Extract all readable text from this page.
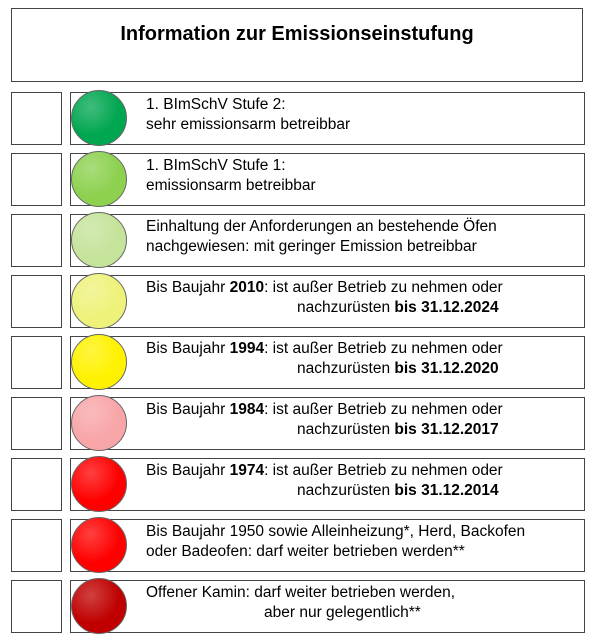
Information zur Emissionseinstufung
1. BImSchV Stufe 2:
sehr emissionsarm betreibbar
1. BImSchV Stufe 1:
emissionsarm betreibbar
Einhaltung der Anforderungen an bestehende Öfen
nachgewiesen: mit geringer Emission betreibbar
Bis Baujahr 2010: ist außer Betrieb zu nehmen oder
nachzurüsten bis 31.12.2024
Bis Baujahr 1994: ist außer Betrieb zu nehmen oder
nachzurüsten bis 31.12.2020
Bis Baujahr 1984: ist außer Betrieb zu nehmen oder
nachzurüsten bis 31.12.2017
Bis Baujahr 1974: ist außer Betrieb zu nehmen oder
nachzurüsten bis 31.12.2014
Bis Baujahr 1950 sowie Alleinheizung*, Herd, Backofen
oder Badeofen: darf weiter betrieben werden**
Offener Kamin: darf weiter betrieben werden,
aber nur gelegentlich**
